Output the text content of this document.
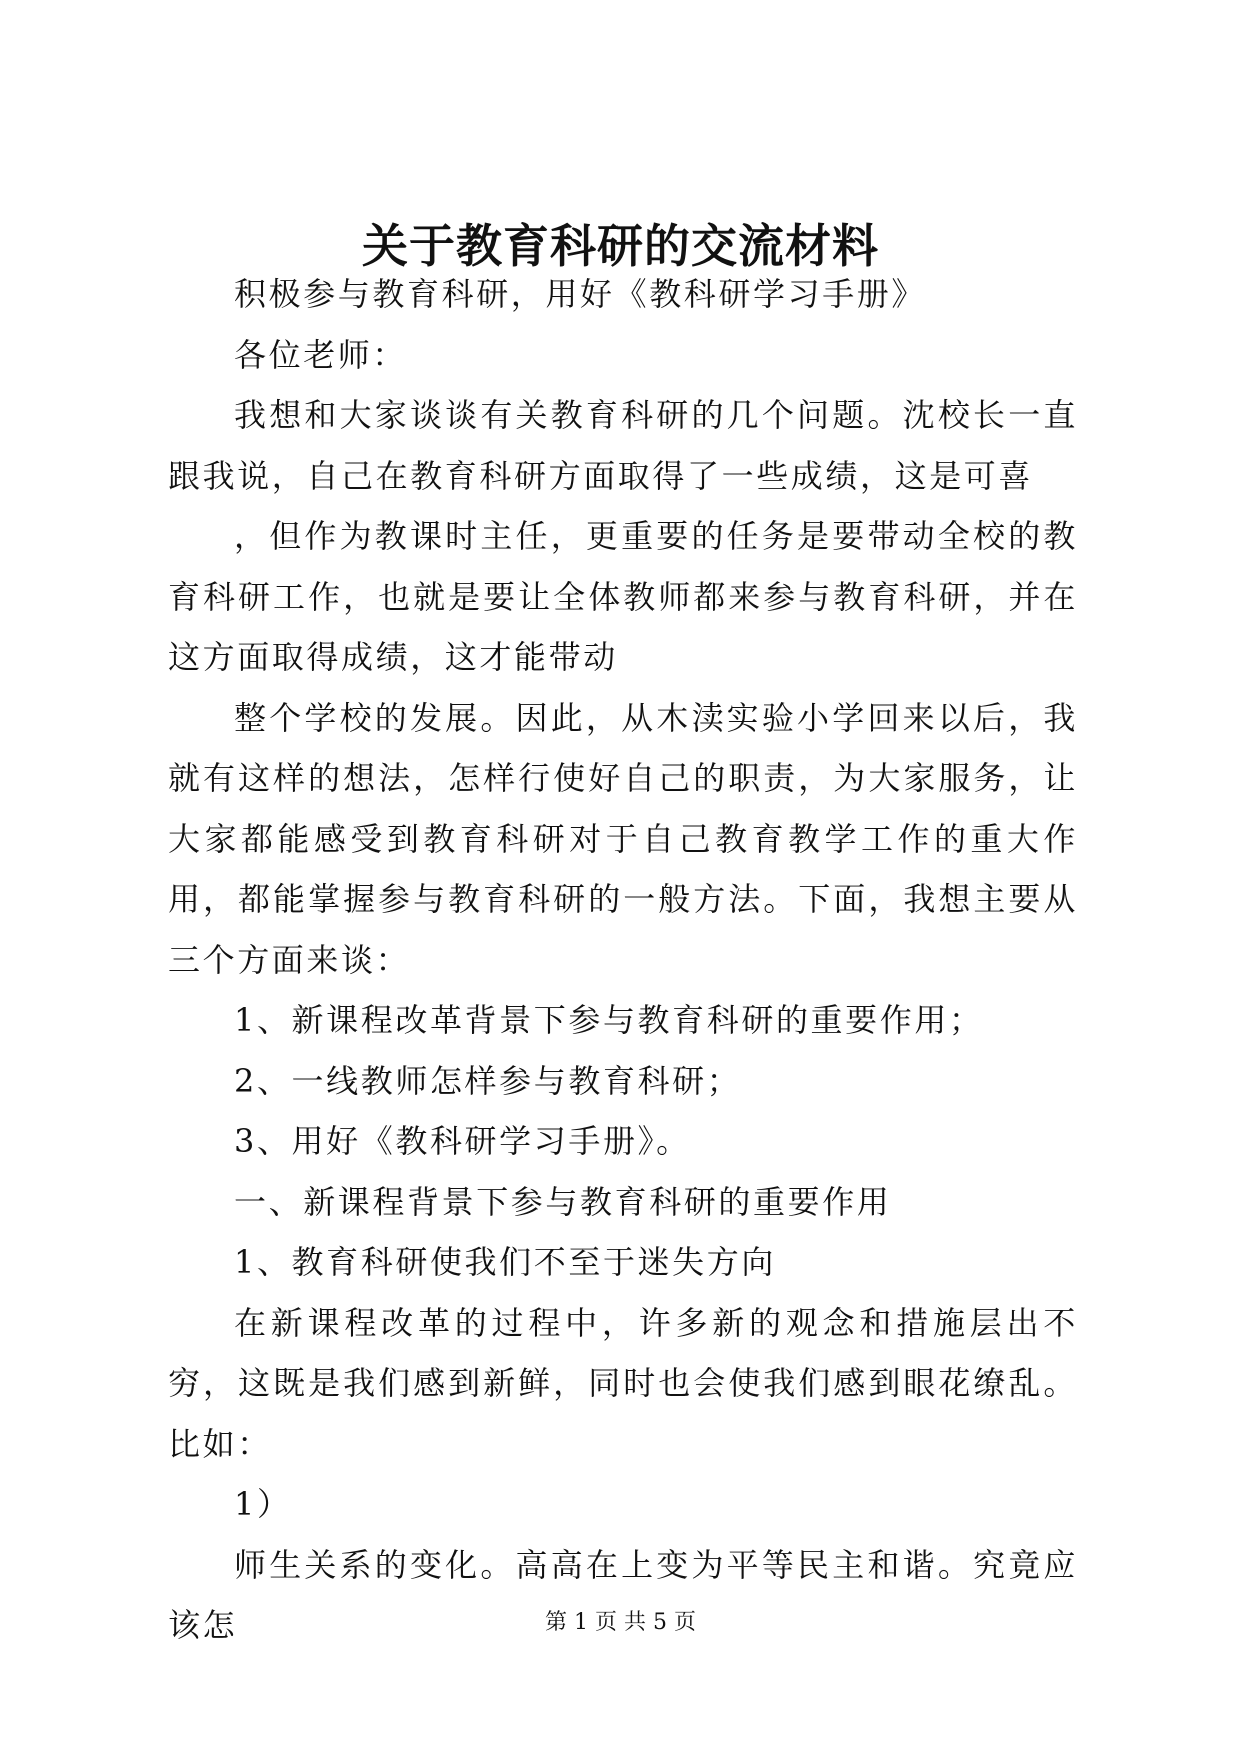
关于教育科研的交流材料

积极参与教育科研，用好《教科研学习手册》

各位老师：

我想和大家谈谈有关教育科研的几个问题。沈校长一直跟我说，自己在教育科研方面取得了一些成绩，这是可喜

，但作为教课时主任，更重要的任务是要带动全校的教育科研工作，也就是要让全体教师都来参与教育科研，并在这方面取得成绩，这才能带动

整个学校的发展。因此，从木渎实验小学回来以后，我就有这样的想法，怎样行使好自己的职责，为大家服务，让大家都能感受到教育科研对于自己教育教学工作的重大作用，都能掌握参与教育科研的一般方法。下面，我想主要从三个方面来谈：

1、新课程改革背景下参与教育科研的重要作用；

2、一线教师怎样参与教育科研；

3、用好《教科研学习手册》。

一、新课程背景下参与教育科研的重要作用

1、教育科研使我们不至于迷失方向

在新课程改革的过程中，许多新的观念和措施层出不穷，这既是我们感到新鲜，同时也会使我们感到眼花缭乱。比如：

1）

师生关系的变化。高高在上变为平等民主和谐。究竟应该怎	第 1 页 共 5 页
